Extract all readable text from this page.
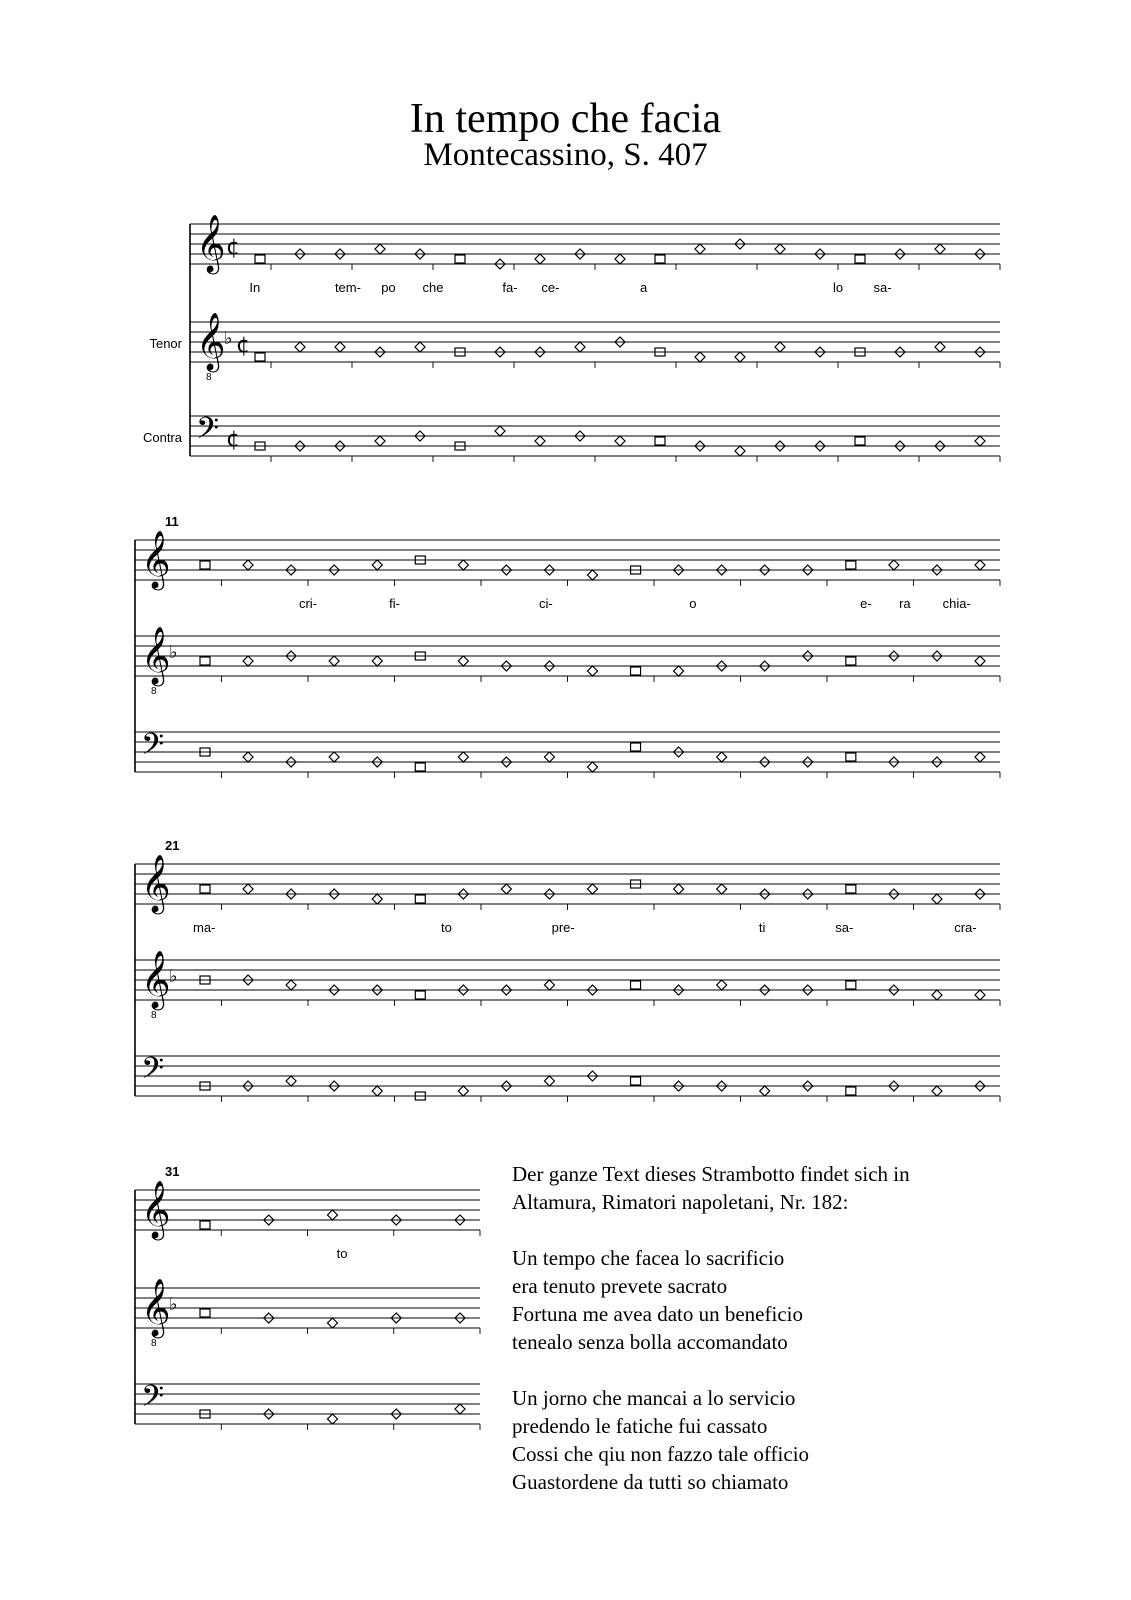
In tempo che facia
Montecassino, S. 407
𝄞 ¢
𝄞
8
♭ ¢
Tenor
𝄢 ¢
Contra
In	tem- po che	fa- ce-	a	lo sa-
11
𝄞
𝄞
8
♭
𝄢
cri-	fi-	ci-	o	e- ra chia-
21
𝄞
𝄞
8
♭
𝄢
ma-	to	pre-	ti	sa-	cra-
31
𝄞
𝄞
8
♭
𝄢
to
Der ganze Text dieses Strambotto findet sich in
Altamura, Rimatori napoletani, Nr. 182:
Un tempo che facea lo sacrificio
era tenuto prevete sacrato
Fortuna me avea dato un beneficio
tenealo senza bolla accomandato
Un jorno che mancai a lo servicio
predendo le fatiche fui cassato
Cossi che qiu non fazzo tale officio
Guastordene da tutti so chiamato
